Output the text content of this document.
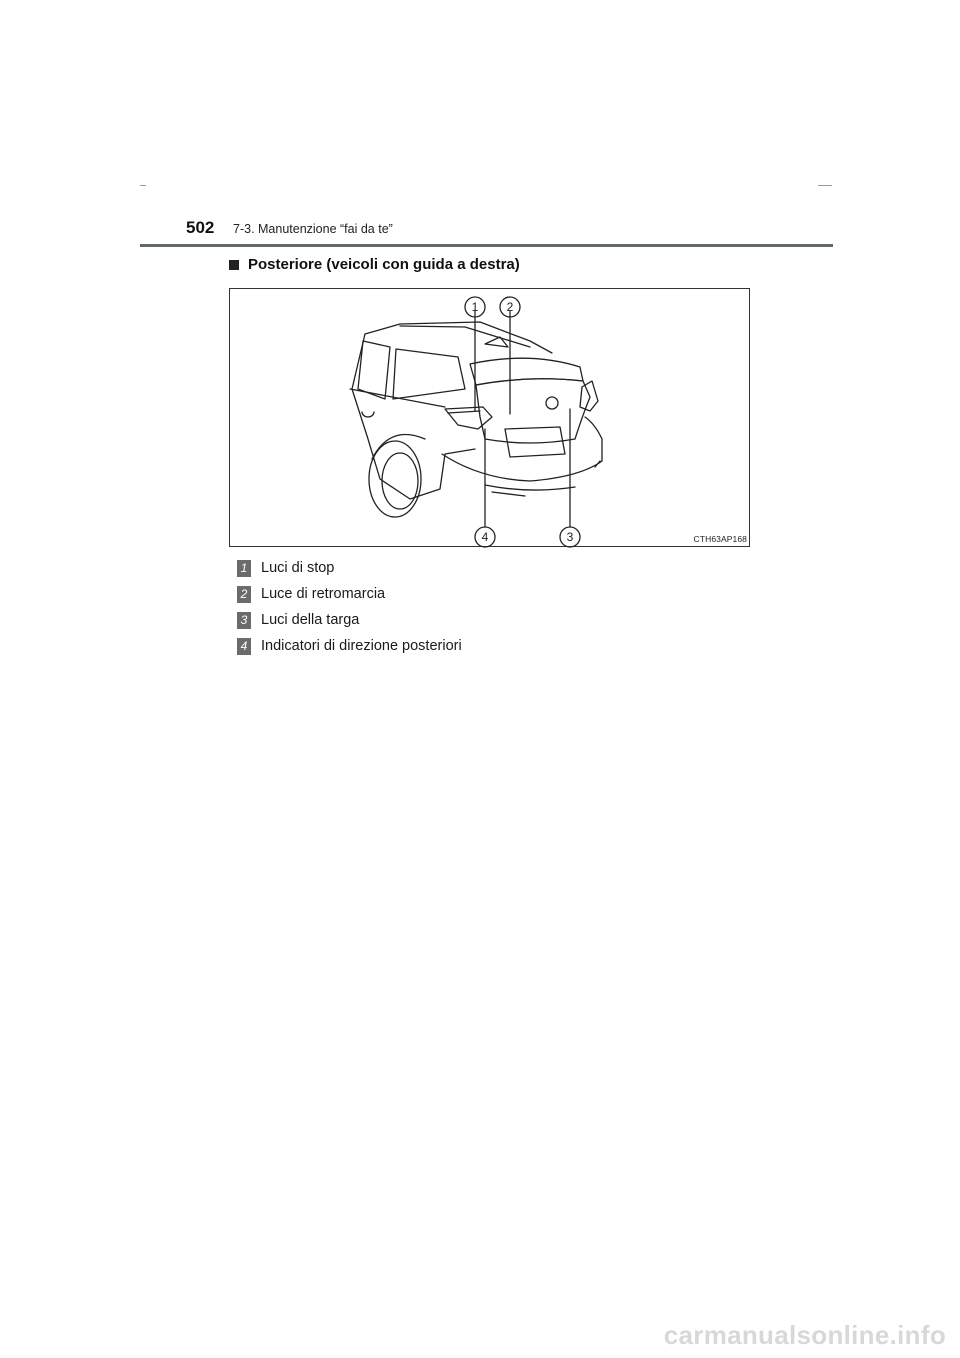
502 7-3. Manutenzione “fai da te”
Posteriore (veicoli con guida a destra)
1 2
3
4	CTH63AP168
1 Luci di stop
2 Luce di retromarcia
3 Luci della targa
4 Indicatori di direzione posteriori
carmanualsonline.info
